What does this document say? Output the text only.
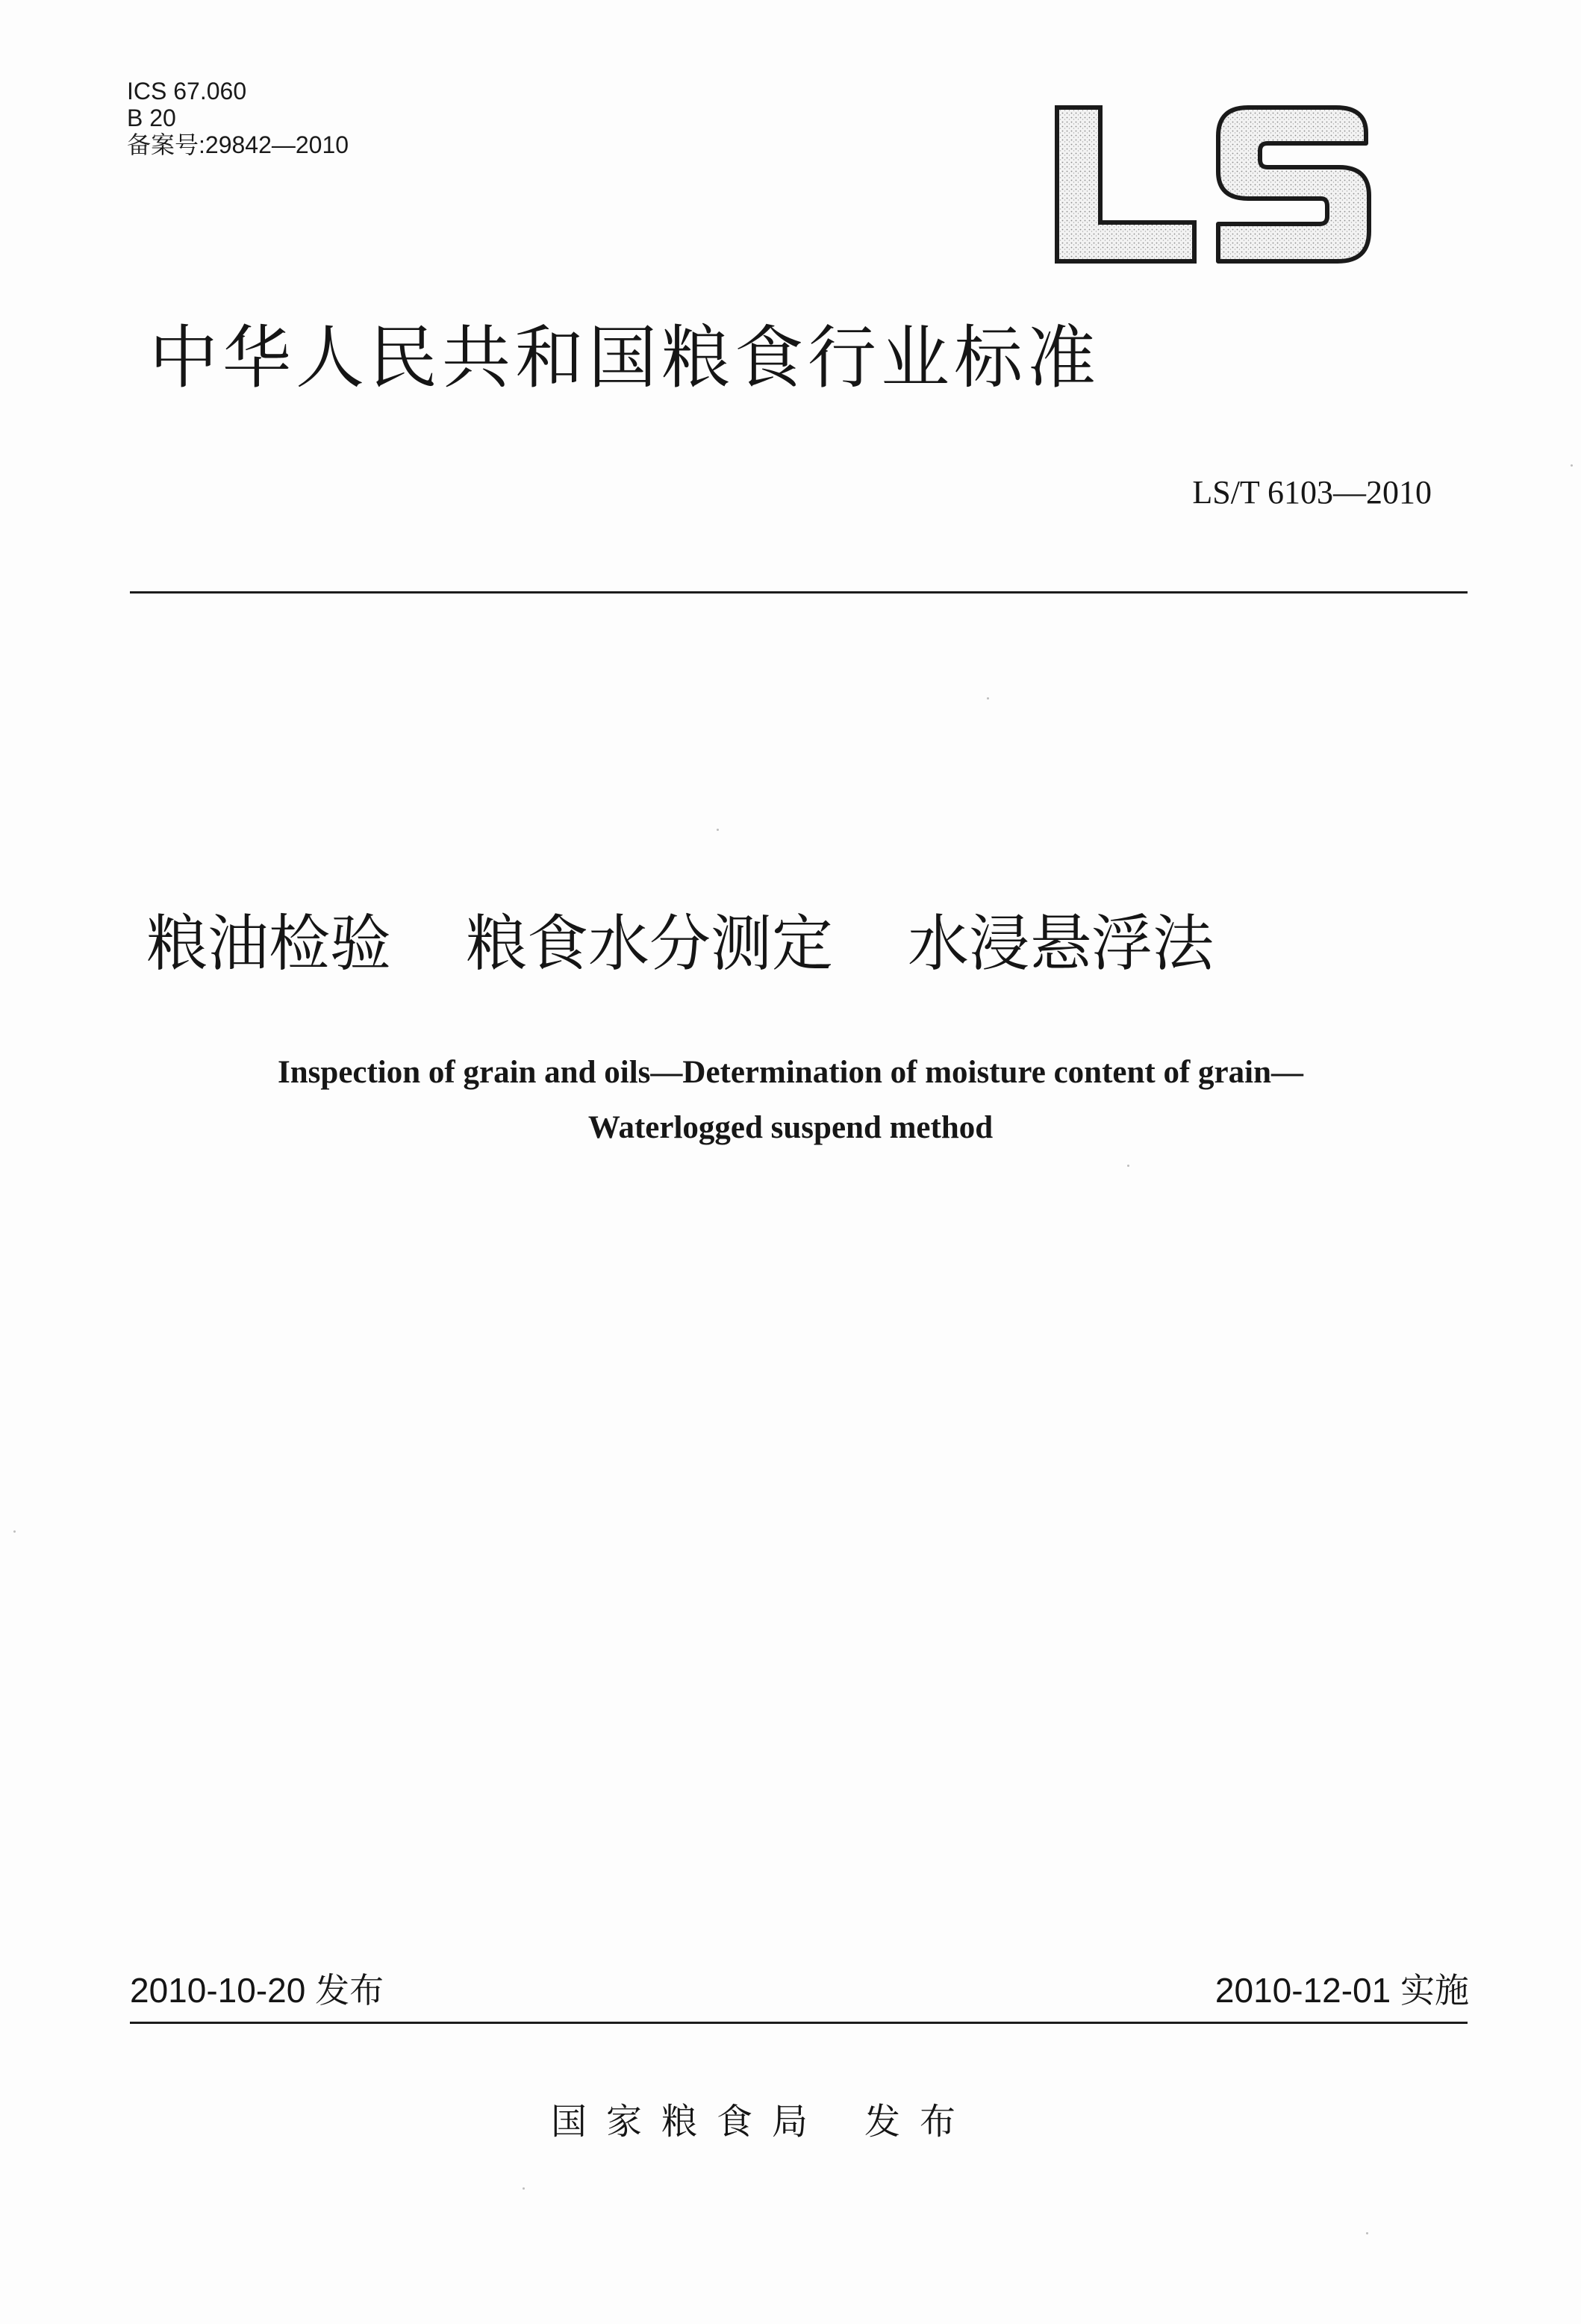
ICS 67.060
B 20
备案号:29842—2010
中华人民共和国粮食行业标准
LS/T 6103—2010
粮油检验 粮食水分测定 水浸悬浮法
Inspection of grain and oils—Determination of moisture content of grain—
Waterlogged suspend method
2010-10-20 发布	2010-12-01 实施
国家粮食局 发布
